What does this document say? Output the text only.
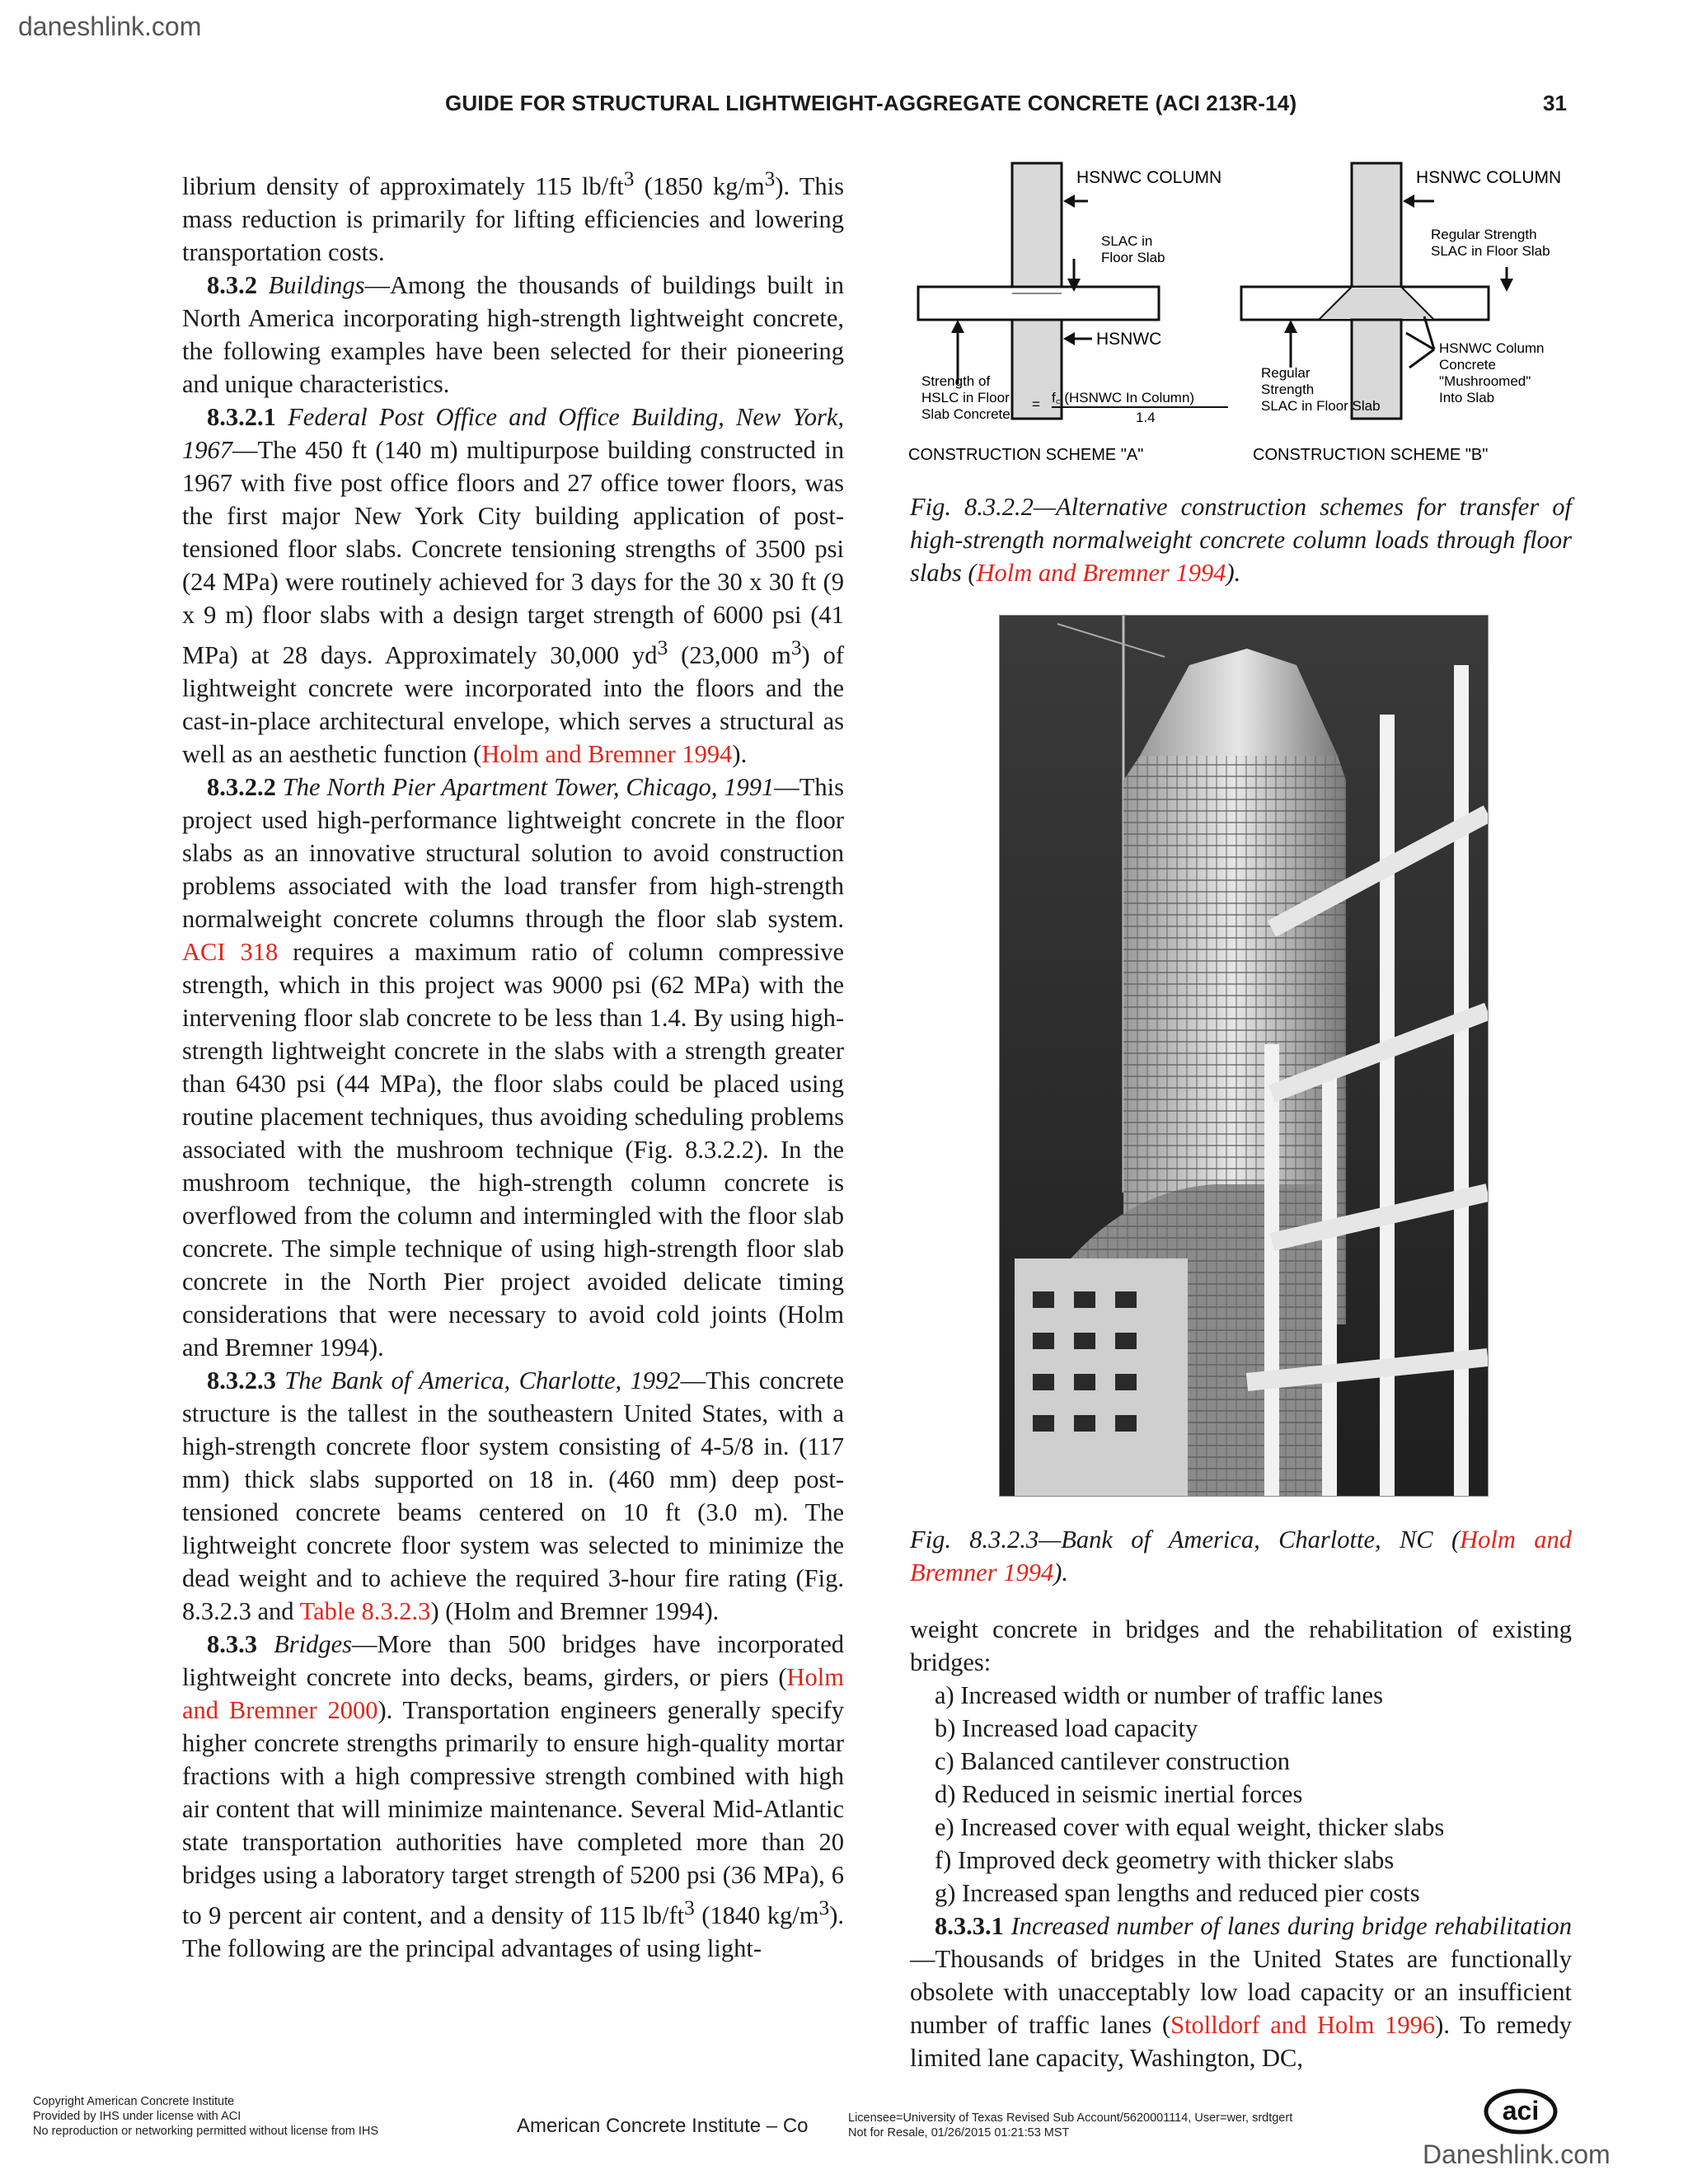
daneshlink.com
GUIDE FOR STRUCTURAL LIGHTWEIGHT-AGGREGATE CONCRETE (ACI 213R-14)	31

librium density of approximately 115 $lb/ft^3$ (1850 $kg/m^3$). This mass reduction is primarily for lifting efficiencies and lowering transportation costs.

8.3.2 Buildings—Among the thousands of buildings built in North America incorporating high-strength lightweight concrete, the following examples have been selected for their pioneering and unique characteristics.

8.3.2.1 Federal Post Office and Office Building, New York, 1967—The 450 ft (140 m) multipurpose building constructed in 1967 with five post office floors and 27 office tower floors, was the first major New York City building application of post-tensioned floor slabs. Concrete tensioning strengths of 3500 psi (24 MPa) were routinely achieved for 3 days for the 30 x 30 ft (9 x 9 m) floor slabs with a design target strength of 6000 psi (41 MPa) at 28 days. Approximately 30,000 $yd^3$ (23,000 $m^3$) of lightweight concrete were incorporated into the floors and the cast-in-place architectural envelope, which serves a structural as well as an aesthetic function (Holm and Bremner 1994).

8.3.2.2 The North Pier Apartment Tower, Chicago, 1991—This project used high-performance lightweight concrete in the floor slabs as an innovative structural solution to avoid construction problems associated with the load transfer from high-strength normalweight concrete columns through the floor slab system. ACI 318 requires a maximum ratio of column compressive strength, which in this project was 9000 psi (62 MPa) with the intervening floor slab concrete to be less than 1.4. By using high-strength lightweight concrete in the slabs with a strength greater than 6430 psi (44 MPa), the floor slabs could be placed using routine placement techniques, thus avoiding scheduling problems associated with the mushroom technique (Fig. 8.3.2.2). In the mushroom technique, the high-strength column concrete is overflowed from the column and intermingled with the floor slab concrete. The simple technique of using high-strength floor slab concrete in the North Pier project avoided delicate timing considerations that were necessary to avoid cold joints (Holm and Bremner 1994).

8.3.2.3 The Bank of America, Charlotte, 1992—This concrete structure is the tallest in the southeastern United States, with a high-strength concrete floor system consisting of 4-5/8 in. (117 mm) thick slabs supported on 18 in. (460 mm) deep post-tensioned concrete beams centered on 10 ft (3.0 m). The lightweight concrete floor system was selected to minimize the dead weight and to achieve the required 3-hour fire rating (Fig. 8.3.2.3 and Table 8.3.2.3) (Holm and Bremner 1994).

8.3.3 Bridges—More than 500 bridges have incorporated lightweight concrete into decks, beams, girders, or piers (Holm and Bremner 2000). Transportation engineers generally specify higher concrete strengths primarily to ensure high-quality mortar fractions with a high compressive strength combined with high air content that will minimize maintenance. Several Mid-Atlantic state transportation authorities have completed more than 20 bridges using a laboratory target strength of 5200 psi (36 MPa), 6 to 9 percent air content, and a density of 115 $lb/ft^3$ (1840 $kg/m^3$). The following are the principal advantages of using light-

HSNWC COLUMN
SLAC in
Floor Slab
HSNWC
Strength of
HSLC in Floor
Slab Concrete
= f꜀ (HSNWC In Column)
1.4
CONSTRUCTION SCHEME "A"
HSNWC COLUMN
Regular Strength
SLAC in Floor Slab
Regular
Strength
SLAC in Floor Slab
HSNWC Column
Concrete
"Mushroomed"
Into Slab
CONSTRUCTION SCHEME "B"
Fig. 8.3.2.2—Alternative construction schemes for transfer of high-strength normalweight concrete column loads through floor slabs (Holm and Bremner 1994).
Fig. 8.3.2.3—Bank of America, Charlotte, NC (Holm and Bremner 1994).

weight concrete in bridges and the rehabilitation of existing bridges:

a) Increased width or number of traffic lanes

b) Increased load capacity

c) Balanced cantilever construction

d) Reduced in seismic inertial forces

e) Increased cover with equal weight, thicker slabs

f) Improved deck geometry with thicker slabs

g) Increased span lengths and reduced pier costs

8.3.3.1 Increased number of lanes during bridge rehabilitation—Thousands of bridges in the United States are functionally obsolete with unacceptably low load capacity or an insufficient number of traffic lanes (Stolldorf and Holm 1996). To remedy limited lane capacity, Washington, DC,

Copyright American Concrete Institute
Provided by IHS under license with ACI
No reproduction or networking permitted without license from IHS	American Concrete Institute – Co	Licensee=University of Texas Revised Sub Account/5620001114, User=wer, srdtgert
Not for Resale, 01/26/2015 01:21:53 MST
aci
Daneshlink.com
